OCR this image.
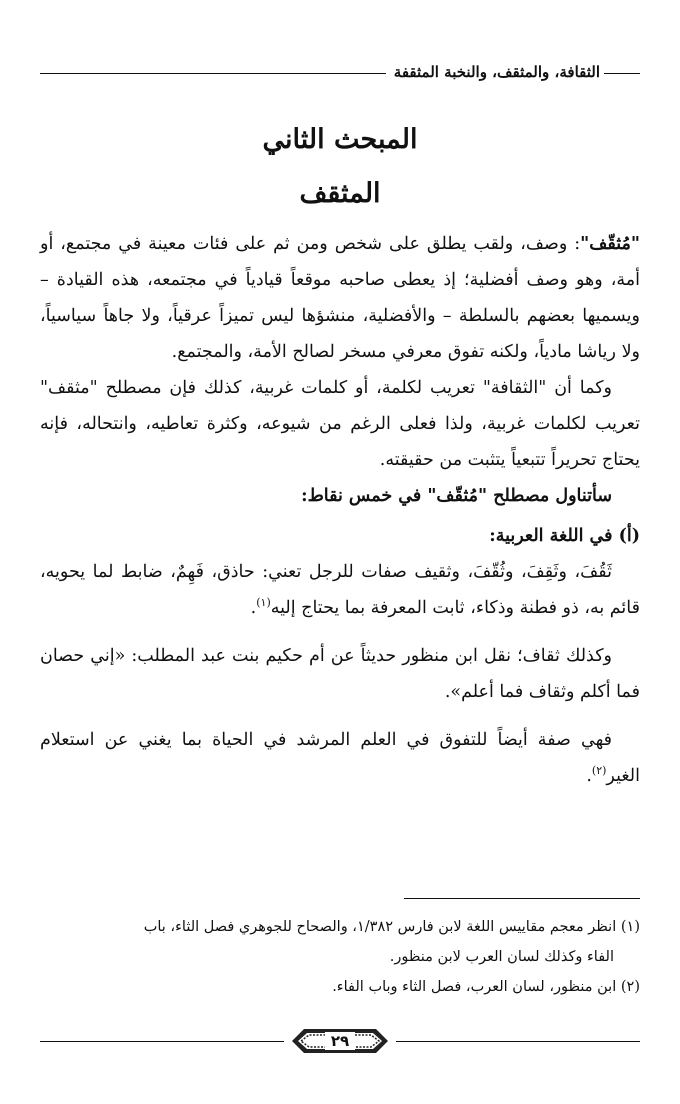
الثقافة، والمثقف، والنخبة المثقفة
المبحث الثاني
المثقف

"مُثقّف": وصف، ولقب يطلق على شخص ومن ثم على فئات معينة في مجتمع، أو أمة، وهو وصف أفضلية؛ إذ يعطى صاحبه موقعاً قيادياً في مجتمعه، هذه القيادة – ويسميها بعضهم بالسلطة – والأفضلية، منشؤها ليس تميزاً عرقياً، ولا جاهاً سياسياً، ولا رياشا مادياً، ولكنه تفوق معرفي مسخر لصالح الأمة، والمجتمع.

وكما أن "الثقافة" تعريب لكلمة، أو كلمات غربية، كذلك فإن مصطلح "مثقف" تعريب لكلمات غربية، ولذا فعلى الرغم من شيوعه، وكثرة تعاطيه، وانتحاله، فإنه يحتاج تحريراً تتبعياً يتثبت من حقيقته.

سأتناول مصطلح "مُثقّف" في خمس نقاط:

(أ) في اللغة العربية:

ثَقُفَ، وثَقِفَ، وثُقّفَ، وثقيف صفات للرجل تعني: حاذق، فَهِمٌ، ضابط لما يحويه، قائم به، ذو فطنة وذكاء، ثابت المعرفة بما يحتاج إليه$^{(١)}$.

وكذلك ثقاف؛ نقل ابن منظور حديثاً عن أم حكيم بنت عبد المطلب: «إني حصان فما أكلم وثقاف فما أعلم».

فهي صفة أيضاً للتفوق في العلم المرشد في الحياة بما يغني عن استعلام الغير$^{(٢)}$.

(١) انظر معجم مقاييس اللغة لابن فارس ١/٣٨٢، والصحاح للجوهري فصل الثاء، باب

الفاء وكذلك لسان العرب لابن منظور.

(٢) ابن منظور، لسان العرب، فصل الثاء وباب الفاء.

٢٩
